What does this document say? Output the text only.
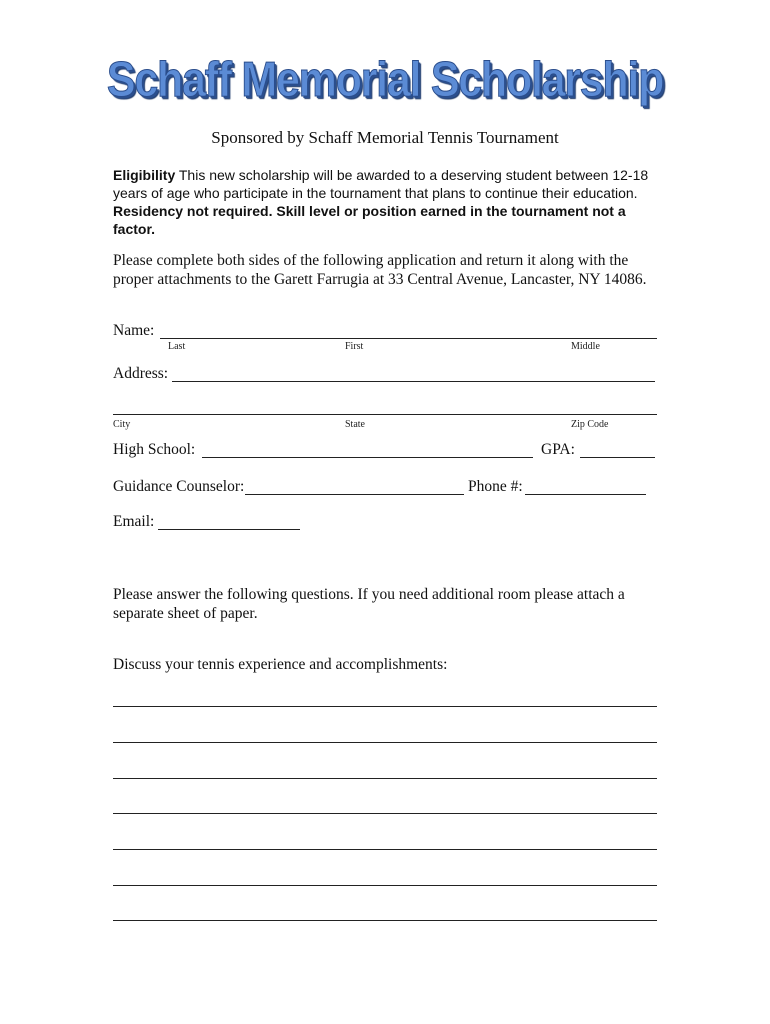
Schaff Memorial Scholarship
Sponsored by Schaff Memorial Tennis Tournament
Eligibility This new scholarship will be awarded to a deserving student between 12-18 years of age who participate in the tournament that plans to continue their education. Residency not required. Skill level or position earned in the tournament not a factor.
Please complete both sides of the following application and return it along with the proper attachments to the Garett Farrugia at 33 Central Avenue, Lancaster, NY 14086.
Name:
Last	First	Middle
Address:
City	State	Zip Code
High School:	GPA:
Guidance Counselor:	Phone #:
Email:
Please answer the following questions. If you need additional room please attach a separate sheet of paper.
Discuss your tennis experience and accomplishments:
